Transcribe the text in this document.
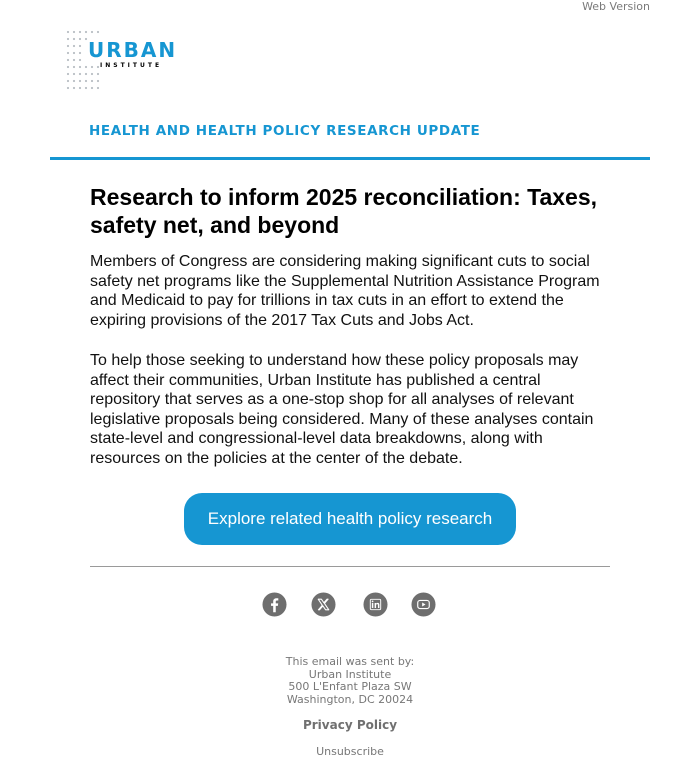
Web Version
URBAN
INSTITUTE
HEALTH AND HEALTH POLICY RESEARCH UPDATE
Research to inform 2025 reconciliation: Taxes, safety net, and beyond

Members of Congress are considering making significant cuts to social safety net programs like the Supplemental Nutrition Assistance Program and Medicaid to pay for trillions in tax cuts in an effort to extend the expiring provisions of the 2017 Tax Cuts and Jobs Act.

To help those seeking to understand how these policy proposals may affect their communities, Urban Institute has published a central repository that serves as a one-stop shop for all analyses of relevant legislative proposals being considered. Many of these analyses contain state-level and congressional-level data breakdowns, along with resources on the policies at the center of the debate.

Explore related health policy research
This email was sent by:
Urban Institute
500 L'Enfant Plaza SW
Washington, DC 20024
Privacy Policy
Unsubscribe
